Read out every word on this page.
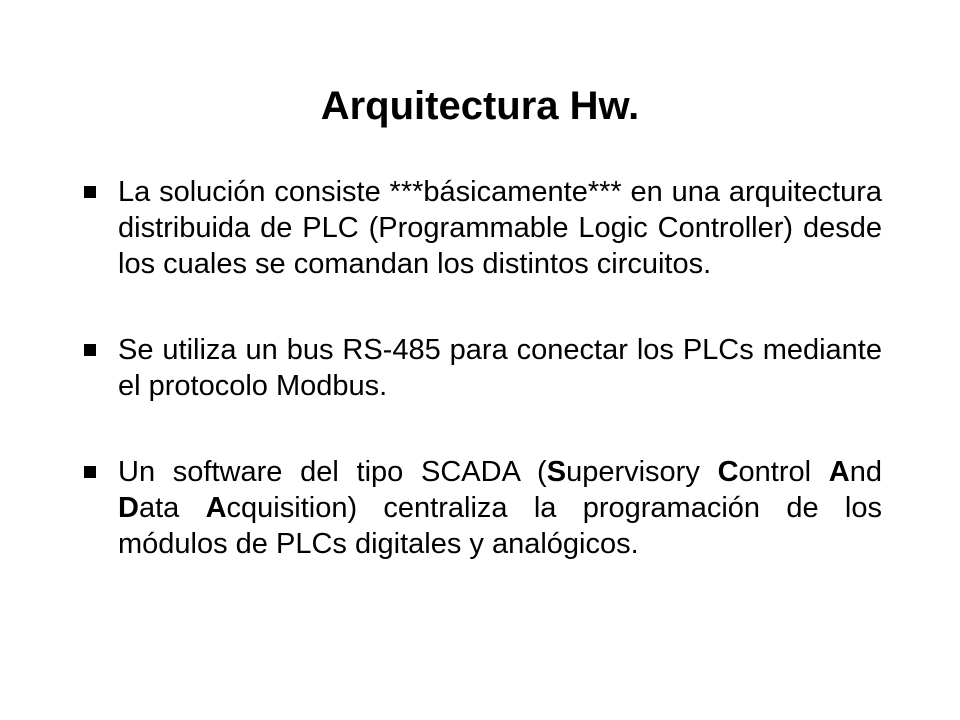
Arquitectura Hw.
La solución consiste ***básicamente*** en una arquitectura distribuida de PLC (Programmable Logic Controller) desde los cuales se comandan los distintos circuitos.
Se utiliza un bus RS-485 para conectar los PLCs mediante el protocolo Modbus.
Un software del tipo SCADA (Supervisory Control And Data Acquisition) centraliza la programación de los módulos de PLCs digitales y analógicos.
